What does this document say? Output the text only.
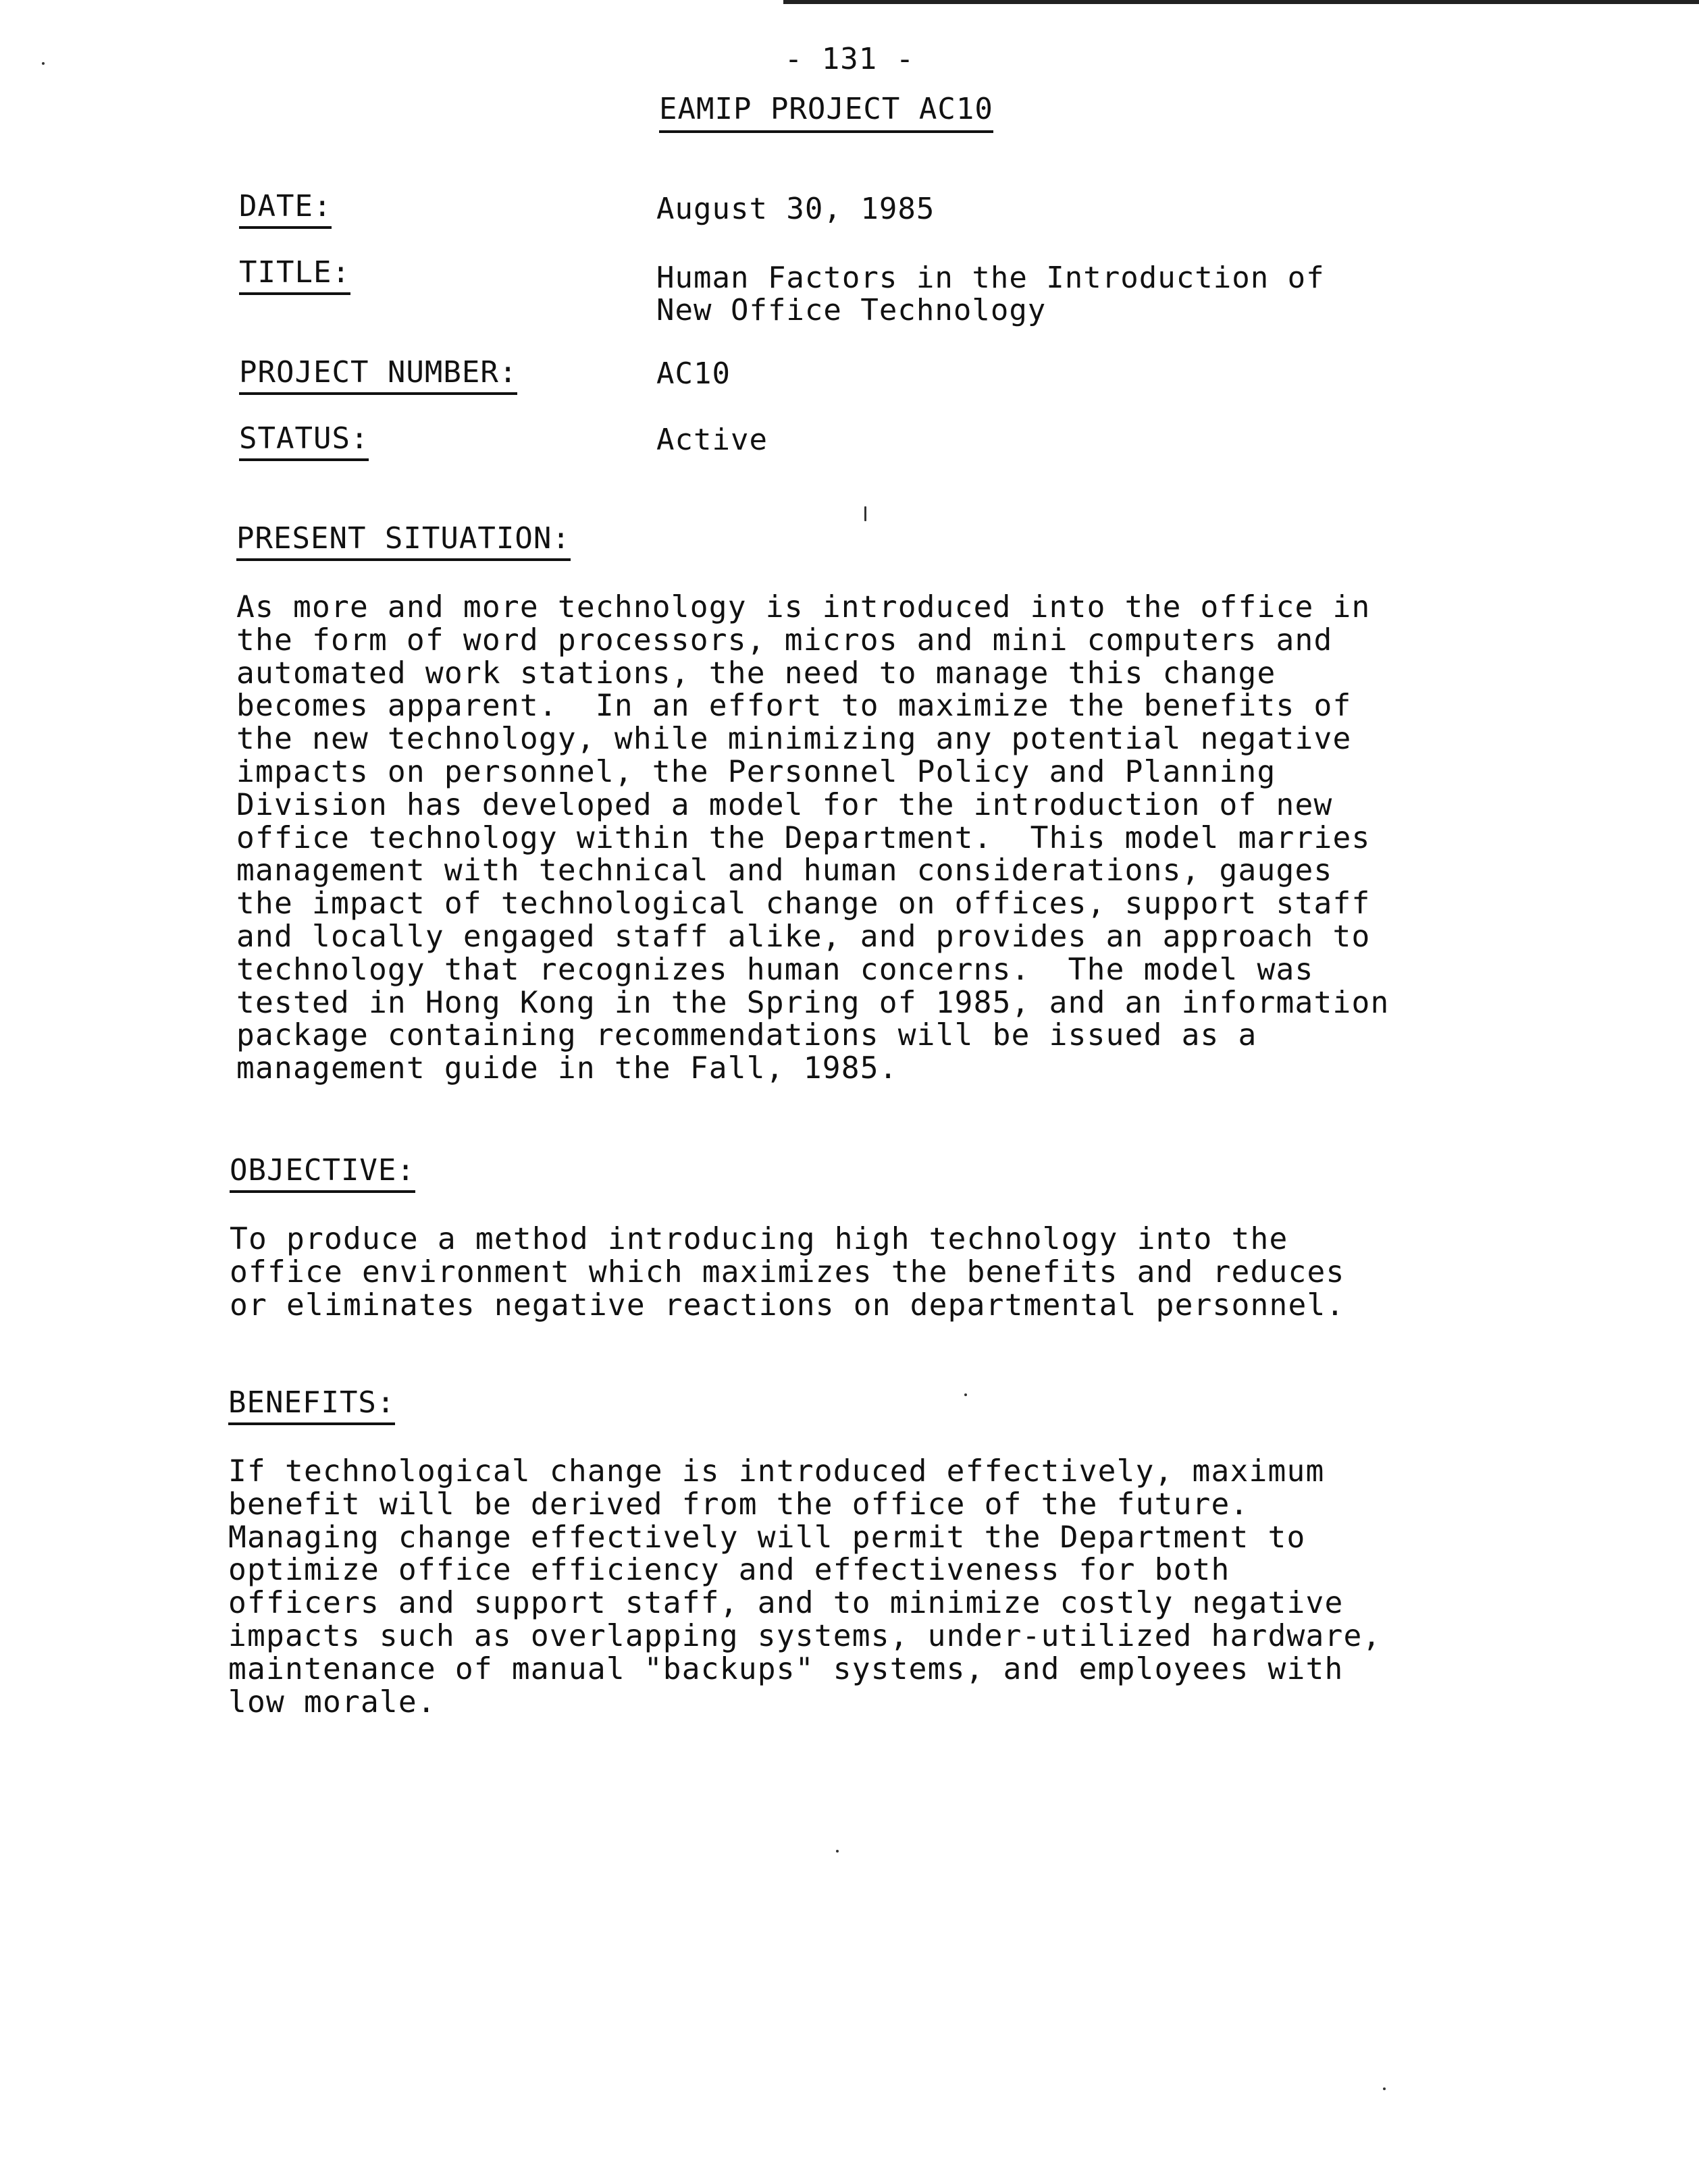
- 131 -
EAMIP PROJECT AC10
DATE:	August 30, 1985
TITLE:	Human Factors in the Introduction of
New Office Technology
PROJECT NUMBER:	AC10
STATUS:	Active
PRESENT SITUATION:
As more and more technology is introduced into the office in
the form of word processors, micros and mini computers and
automated work stations, the need to manage this change
becomes apparent.  In an effort to maximize the benefits of
the new technology, while minimizing any potential negative
impacts on personnel, the Personnel Policy and Planning
Division has developed a model for the introduction of new
office technology within the Department.  This model marries
management with technical and human considerations, gauges
the impact of technological change on offices, support staff
and locally engaged staff alike, and provides an approach to
technology that recognizes human concerns.  The model was
tested in Hong Kong in the Spring of 1985, and an information
package containing recommendations will be issued as a
management guide in the Fall, 1985.
OBJECTIVE:
To produce a method introducing high technology into the
office environment which maximizes the benefits and reduces
or eliminates negative reactions on departmental personnel.
BENEFITS:
If technological change is introduced effectively, maximum
benefit will be derived from the office of the future.
Managing change effectively will permit the Department to
optimize office efficiency and effectiveness for both
officers and support staff, and to minimize costly negative
impacts such as overlapping systems, under-utilized hardware,
maintenance of manual "backups" systems, and employees with
low morale.
